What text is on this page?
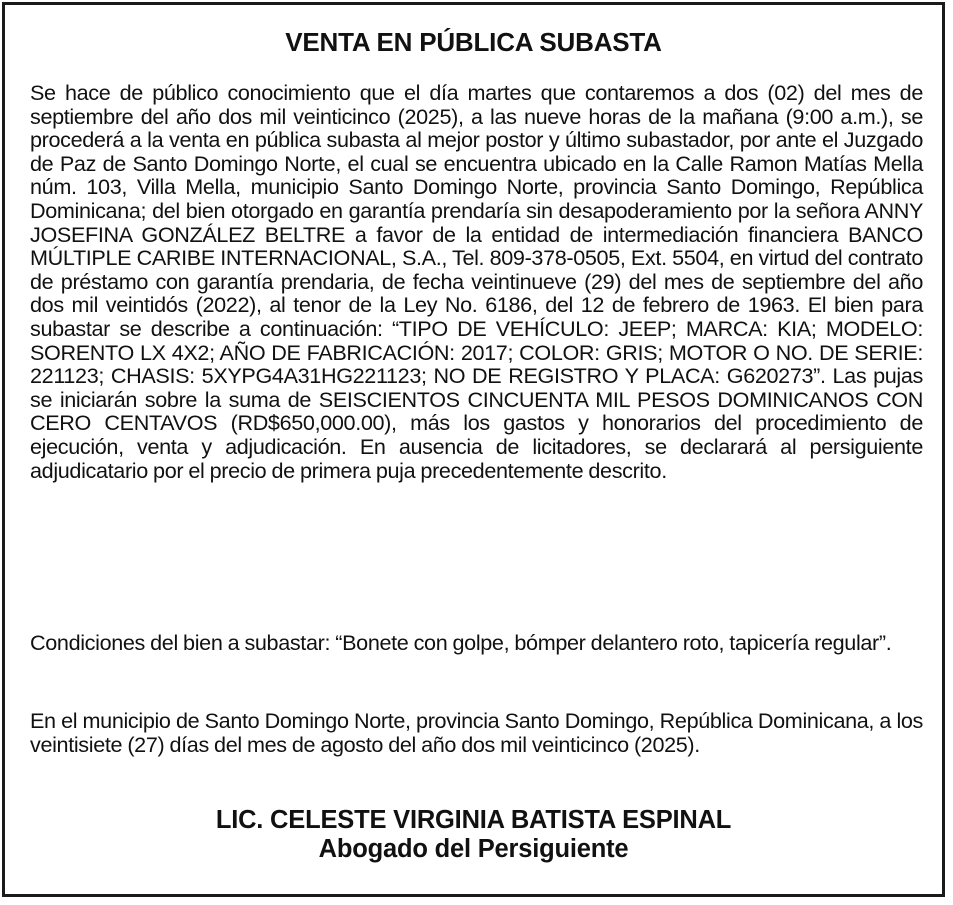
VENTA EN PÚBLICA SUBASTA
Se hace de público conocimiento que el día martes que contaremos a dos (02) del mes de septiembre del año dos mil veinticinco (2025), a las nueve horas de la mañana (9:00 a.m.), se procederá a la venta en pública subasta al mejor postor y último subastador, por ante el Juzgado de Paz de Santo Domingo Norte, el cual se encuentra ubicado en la Calle Ramon Matías Mella núm. 103, Villa Mella, municipio Santo Domingo Norte, provincia Santo Domingo, República Dominicana; del bien otorgado en garantía prendaría sin desapoderamiento por la señora ANNY JOSEFINA GONZÁLEZ BELTRE a favor de la entidad de intermediación financiera BANCO MÚLTIPLE CARIBE INTERNACIONAL, S.A., Tel. 809-378-0505, Ext. 5504, en virtud del contrato de préstamo con garantía prendaria, de fecha veintinueve (29) del mes de septiembre del año dos mil veintidós (2022), al tenor de la Ley No. 6186, del 12 de febrero de 1963. El bien para subastar se describe a continuación: “TIPO DE VEHÍCULO: JEEP; MARCA: KIA; MODELO: SORENTO LX 4X2; AÑO DE FABRICACIÓN: 2017; COLOR: GRIS; MOTOR O NO. DE SERIE: 221123; CHASIS: 5XYPG4A31HG221123; NO DE REGISTRO Y PLACA: G620273”. Las pujas se iniciarán sobre la suma de SEISCIENTOS CINCUENTA MIL PESOS DOMINICANOS CON CERO CENTAVOS (RD$650,000.00), más los gastos y honorarios del procedimiento de ejecución, venta y adjudicación. En ausencia de licitadores, se declarará al persiguiente adjudicatario por el precio de primera puja precedentemente descrito.
Condiciones del bien a subastar: “Bonete con golpe, bómper delantero roto, tapicería regular”.
En el municipio de Santo Domingo Norte, provincia Santo Domingo, República Dominicana, a los veintisiete (27) días del mes de agosto del año dos mil veinticinco (2025).
LIC. CELESTE VIRGINIA BATISTA ESPINAL
Abogado del Persiguiente
